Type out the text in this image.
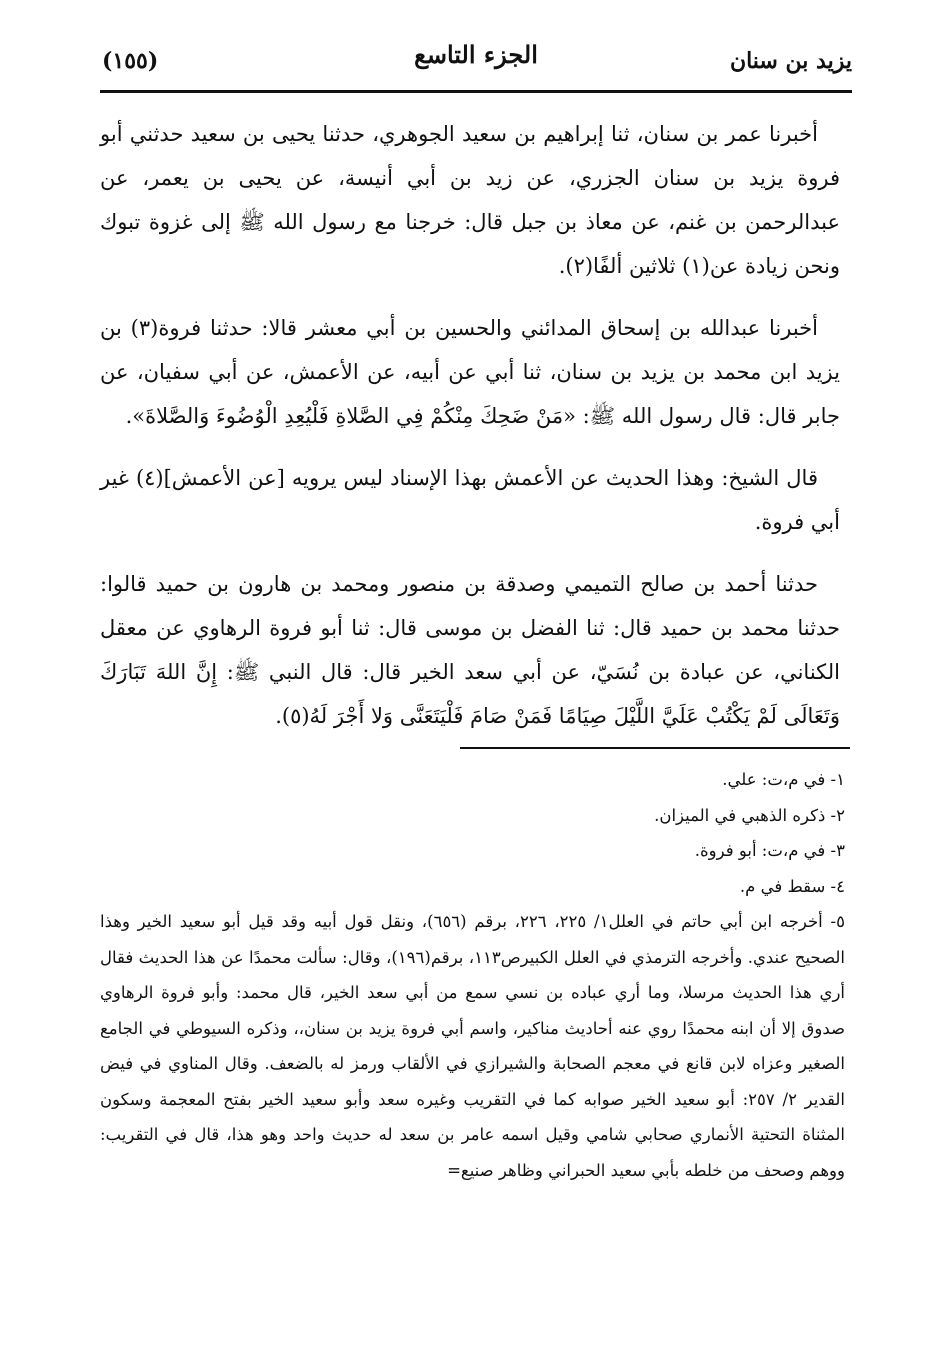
يزيد بن سنان
الجزء التاسع
(١٥٥)

أخبرنا عمر بن سنان، ثنا إبراهيم بن سعيد الجوهري، حدثنا يحيى بن سعيد حدثني أبو فروة يزيد بن سنان الجزري، عن زيد بن أبي أنيسة، عن يحيى بن يعمر، عن عبدالرحمن بن غنم، عن معاذ بن جبل قال: خرجنا مع رسول الله ﷺ إلى غزوة تبوك ونحن زيادة عن(١) ثلاثين ألفًا(٢).

أخبرنا عبدالله بن إسحاق المدائني والحسين بن أبي معشر قالا: حدثنا فروة(٣) بن يزيد ابن محمد بن يزيد بن سنان، ثنا أبي عن أبيه، عن الأعمش، عن أبي سفيان، عن جابر قال: قال رسول الله ﷺ: «مَنْ ضَحِكَ مِنْكُمْ فِي الصَّلاةِ فَلْيُعِدِ الْوُضُوءَ وَالصَّلاةَ».

قال الشيخ: وهذا الحديث عن الأعمش بهذا الإسناد ليس يرويه [عن الأعمش](٤) غير أبي فروة.

حدثنا أحمد بن صالح التميمي وصدقة بن منصور ومحمد بن هارون بن حميد قالوا: حدثنا محمد بن حميد قال: ثنا الفضل بن موسى قال: ثنا أبو فروة الرهاوي عن معقل الكناني، عن عبادة بن نُسَيّ، عن أبي سعد الخير قال: قال النبي ﷺ: إِنَّ اللهَ تَبَارَكَ وَتَعَالَى لَمْ يَكْتُبْ عَلَيَّ اللَّيْلَ صِيَامًا فَمَنْ صَامَ فَلْيَتَعَنَّى وَلا أَجْرَ لَهُ(٥).

١- في م،ت: علي.
٢- ذكره الذهبي في الميزان.
٣- في م،ت: أبو فروة.
٤- سقط في م.
٥- أخرجه ابن أبي حاتم في العلل١/ ٢٢٥، ٢٢٦، برقم (٦٥٦)، ونقل قول أبيه وقد قيل أبو سعيد الخير وهذا الصحيح عندي. وأخرجه الترمذي في العلل الكبيرص١١٣، برقم(١٩٦)، وقال: سألت محمدًا عن هذا الحديث فقال أري هذا الحديث مرسلا، وما أري عباده بن نسي سمع من أبي سعد الخير، قال محمد: وأبو فروة الرهاوي صدوق إلا أن ابنه محمدًا روي عنه أحاديث مناكير، واسم أبي فروة يزيد بن سنان،، وذكره السيوطي في الجامع الصغير وعزاه لابن قانع في معجم الصحابة والشيرازي في الألقاب ورمز له بالضعف. وقال المناوي في فيض القدير ٢/ ٢٥٧: أبو سعيد الخير صوابه كما في التقريب وغيره سعد وأبو سعيد الخير بفتح المعجمة وسكون المثناة التحتية الأنماري صحابي شامي وقيل اسمه عامر بن سعد له حديث واحد وهو هذا، قال في التقريب: ووهم وصحف من خلطه بأبي سعيد الحبراني وظاهر صنيع=
